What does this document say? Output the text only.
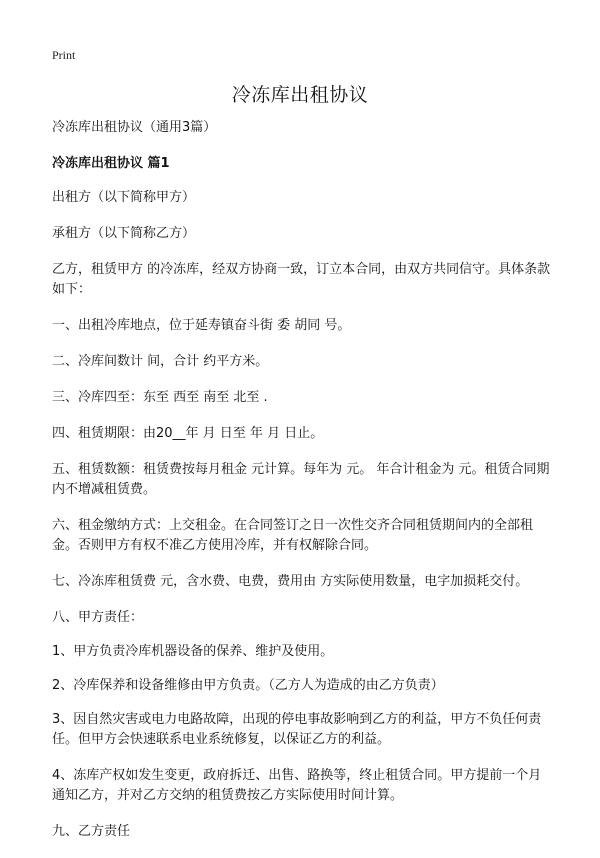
Print
冷冻库出租协议

冷冻库出租协议（通用3篇）

冷冻库出租协议 篇1

出租方（以下简称甲方）

承租方（以下简称乙方）

乙方，租赁甲方 的冷冻库，经双方协商一致，订立本合同，由双方共同信守。具体条款如下：

一、出租冷库地点，位于延寿镇奋斗街 委 胡同 号。

二、冷库间数计 间，合计 约平方米。

三、冷库四至：东至 西至 南至 北至 .

四、租赁期限：由20__年 月 日至 年 月 日止。

五、租赁数额：租赁费按每月租金 元计算。每年为 元。 年合计租金为 元。租赁合同期内不增减租赁费。

六、租金缴纳方式：上交租金。在合同签订之日一次性交齐合同租赁期间内的全部租金。否则甲方有权不准乙方使用冷库，并有权解除合同。

七、冷冻库租赁费 元，含水费、电费，费用由 方实际使用数量，电字加损耗交付。

八、甲方责任：

1、甲方负责冷库机器设备的保养、维护及使用。

2、冷库保养和设备维修由甲方负责。（乙方人为造成的由乙方负责）

3、因自然灾害或电力电路故障，出现的停电事故影响到乙方的利益，甲方不负任何责任。但甲方会快速联系电业系统修复，以保证乙方的利益。

4、冻库产权如发生变更，政府拆迁、出售、路换等，终止租赁合同。甲方提前一个月通知乙方，并对乙方交纳的租赁费按乙方实际使用时间计算。

九、乙方责任
